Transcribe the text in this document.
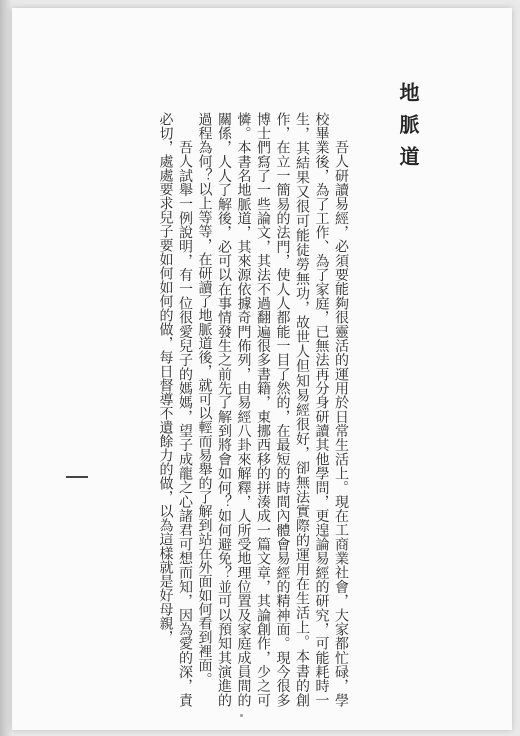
地脈道

吾人研讀易經，必須要能夠很靈活的運用於日常生活上。現在工商業社會，大家都忙碌，學校畢業後，為了工作、為了家庭，已無法再分身研讀其他學問，更遑論易經的研究，可能耗時一生，其結果又很可能徒勞無功，故世人但知易經很好，卻無法實際的運用在生活上。本書的創作，在立一簡易的法門，使人人都能一目了然的，在最短的時間內體會易經的精神面。現今很多博士們寫了一些論文，其法不過翻遍很多書籍，東挪西移的拼湊成一篇文章，其論創作，少之可憐。本書名地脈道，其來源依據奇門佈列，由易經八卦來解釋，人所受地理位置及家庭成員間的關係，人人了解後，必可以在事情發生之前先了解到將會如何？如何避免？並可以預知其演進的過程為何？以上等等，在研讀了地脈道後，就可以輕而易舉的了解到站在外面如何看到裡面。

吾人試舉一例說明，有一位很愛兒子的媽媽，望子成龍之心諸君可想而知，因為愛的深，責必切，處處要求兒子要如何如何的做，每日督導不遺餘力的做，以為這樣就是好母親，
